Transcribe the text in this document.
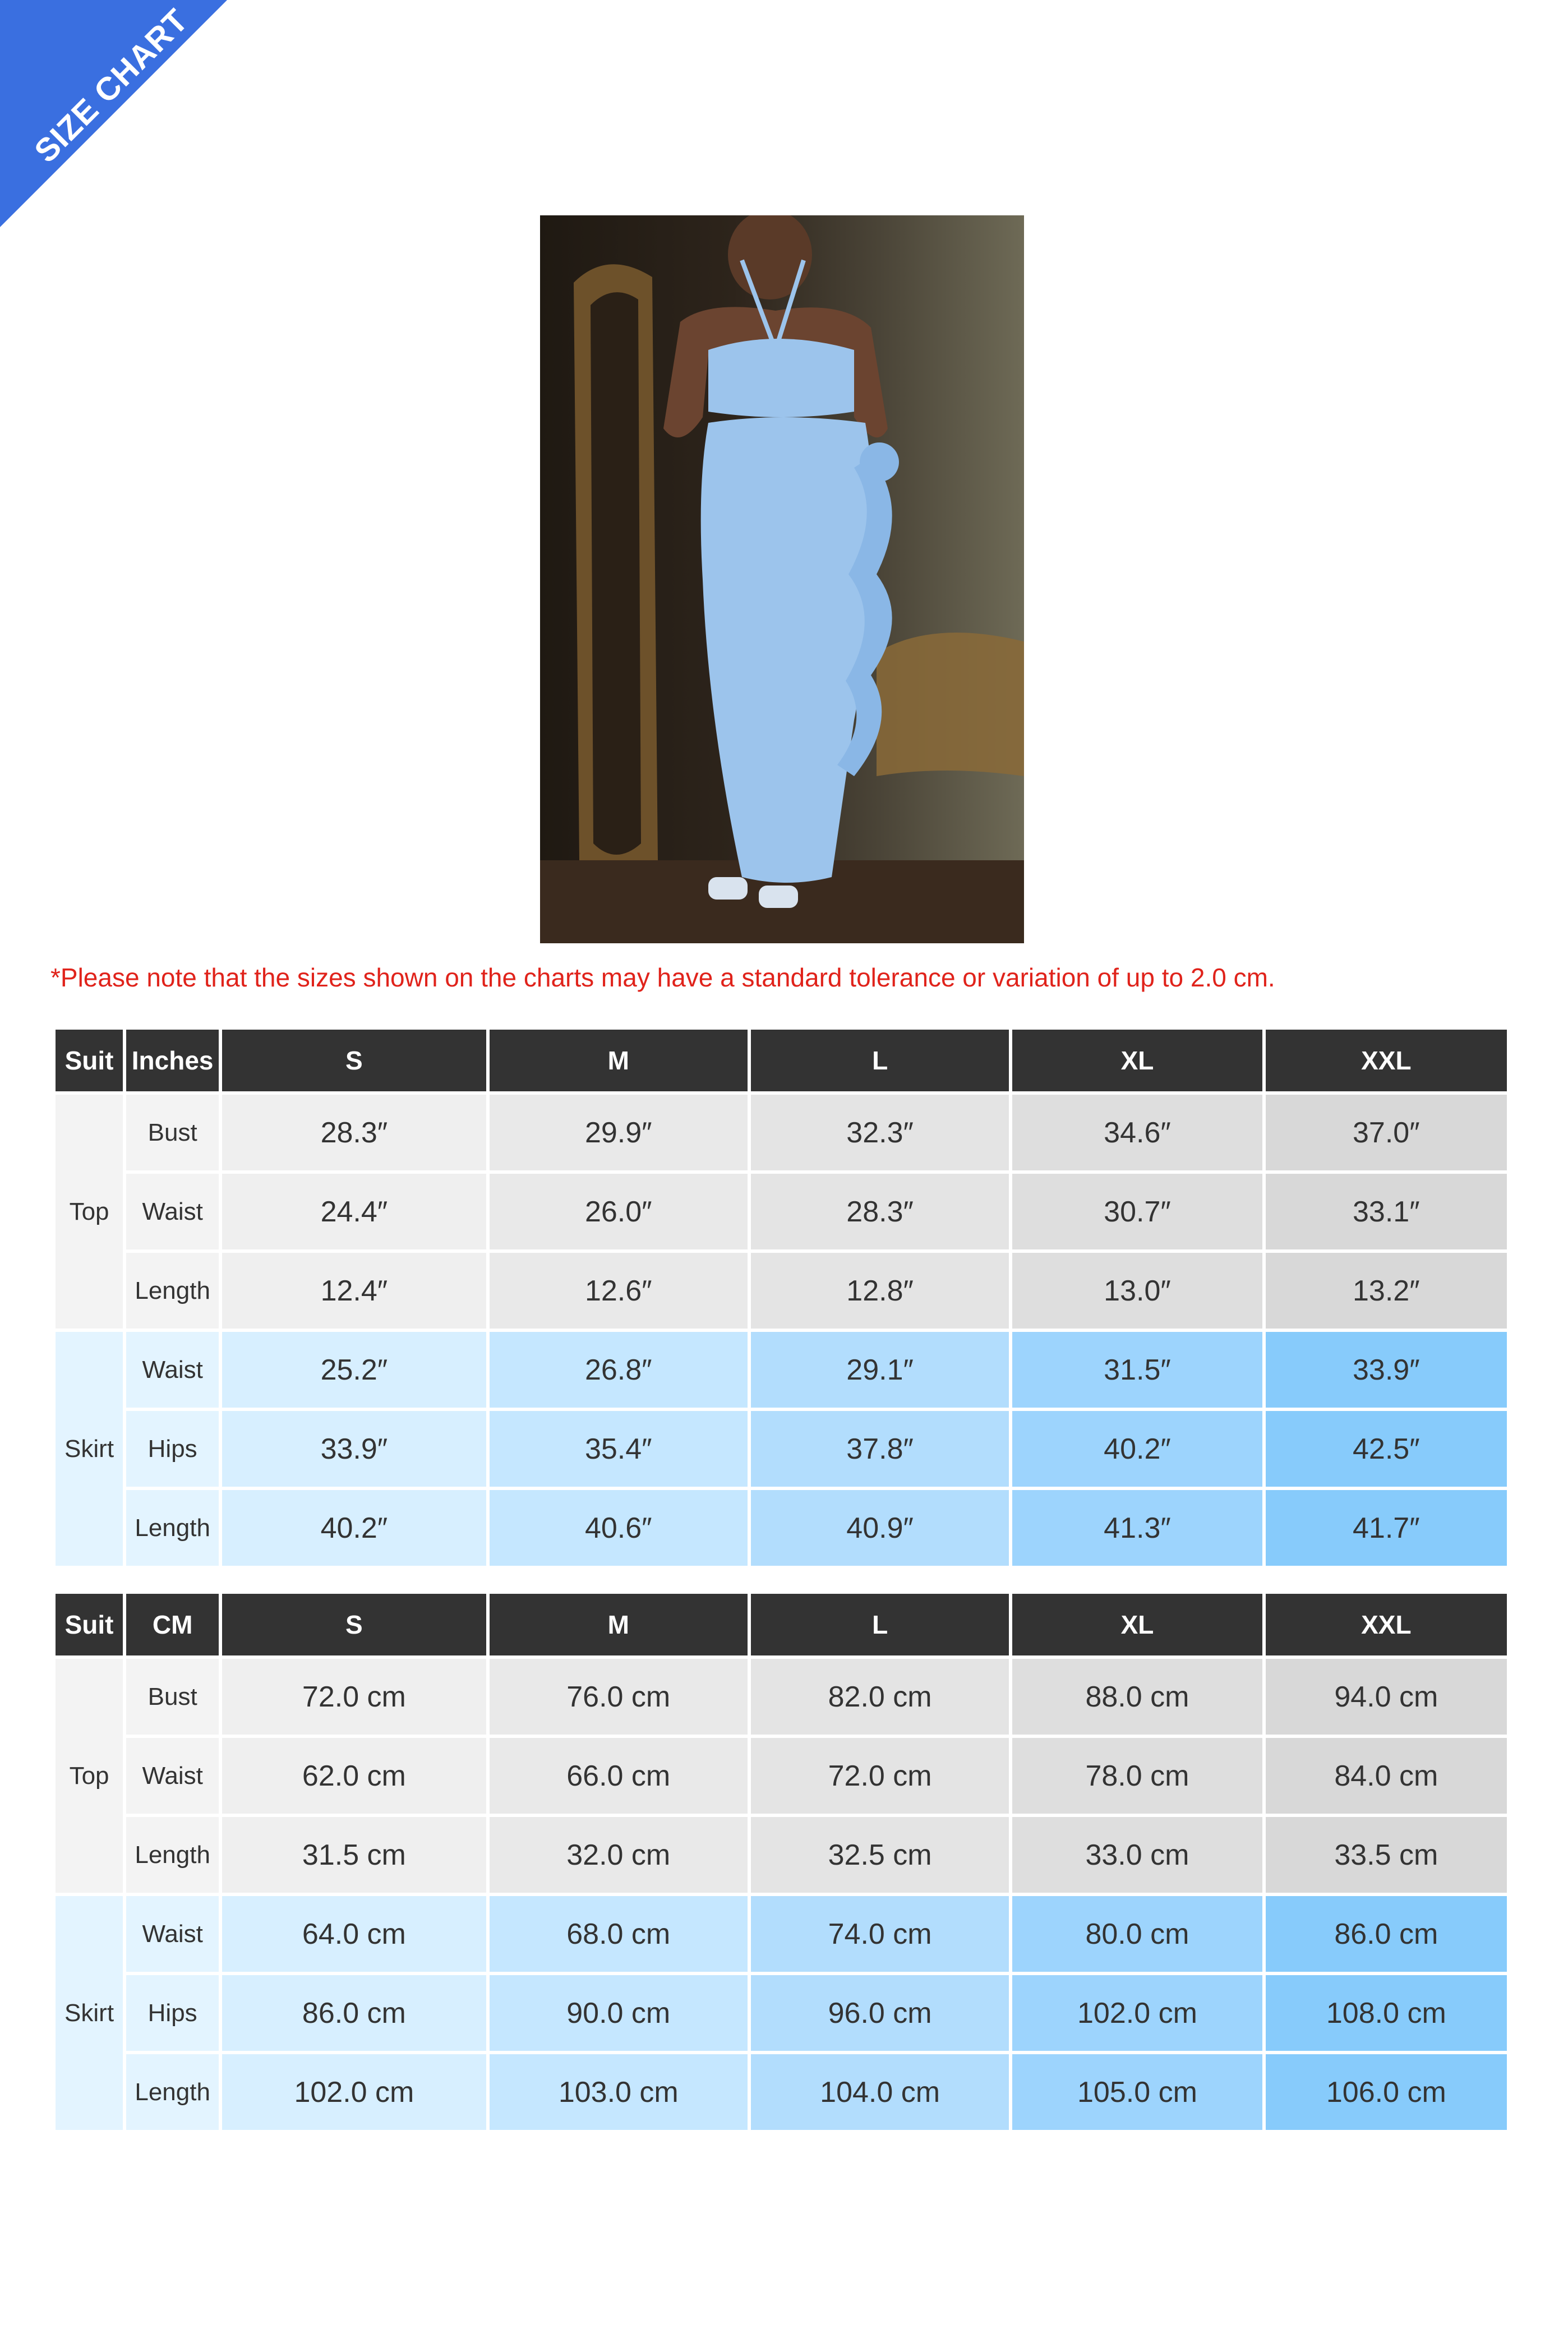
SIZE CHART
*Please note that the sizes shown on the charts may have a standard tolerance or variation of up to 2.0 cm.
Suit	Inches	S	M	L	XL	XXL
Top	Bust	28.3″	29.9″	32.3″	34.6″	37.0″
	Waist	24.4″	26.0″	28.3″	30.7″	33.1″
	Length	12.4″	12.6″	12.8″	13.0″	13.2″
Skirt	Waist	25.2″	26.8″	29.1″	31.5″	33.9″
	Hips	33.9″	35.4″	37.8″	40.2″	42.5″
	Length	40.2″	40.6″	40.9″	41.3″	41.7″
Suit	CM	S	M	L	XL	XXL
Top	Bust	72.0 cm	76.0 cm	82.0 cm	88.0 cm	94.0 cm
	Waist	62.0 cm	66.0 cm	72.0 cm	78.0 cm	84.0 cm
	Length	31.5 cm	32.0 cm	32.5 cm	33.0 cm	33.5 cm
Skirt	Waist	64.0 cm	68.0 cm	74.0 cm	80.0 cm	86.0 cm
	Hips	86.0 cm	90.0 cm	96.0 cm	102.0 cm	108.0 cm
	Length	102.0 cm	103.0 cm	104.0 cm	105.0 cm	106.0 cm
